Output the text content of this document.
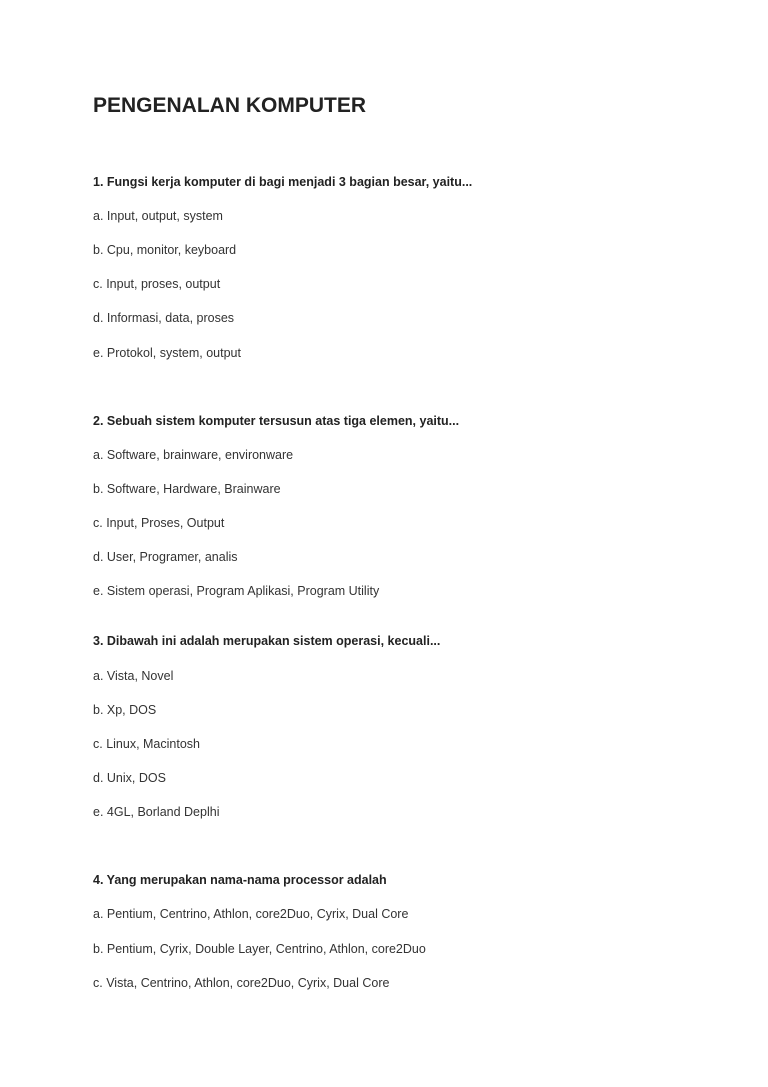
PENGENALAN KOMPUTER

1. Fungsi kerja komputer di bagi menjadi 3 bagian besar, yaitu...

a. Input, output, system

b. Cpu, monitor, keyboard

c. Input, proses, output

d. Informasi, data, proses

e. Protokol, system, output

2. Sebuah sistem komputer tersusun atas tiga elemen, yaitu...

a. Software, brainware, environware

b. Software, Hardware, Brainware

c. Input, Proses, Output

d. User, Programer, analis

e. Sistem operasi, Program Aplikasi, Program Utility

3. Dibawah ini adalah merupakan sistem operasi, kecuali...

a. Vista, Novel

b. Xp, DOS

c. Linux, Macintosh

d. Unix, DOS

e. 4GL, Borland Deplhi

4. Yang merupakan nama-nama processor adalah

a. Pentium, Centrino, Athlon, core2Duo, Cyrix, Dual Core

b. Pentium, Cyrix, Double Layer, Centrino, Athlon, core2Duo

c. Vista, Centrino, Athlon, core2Duo, Cyrix, Dual Core
